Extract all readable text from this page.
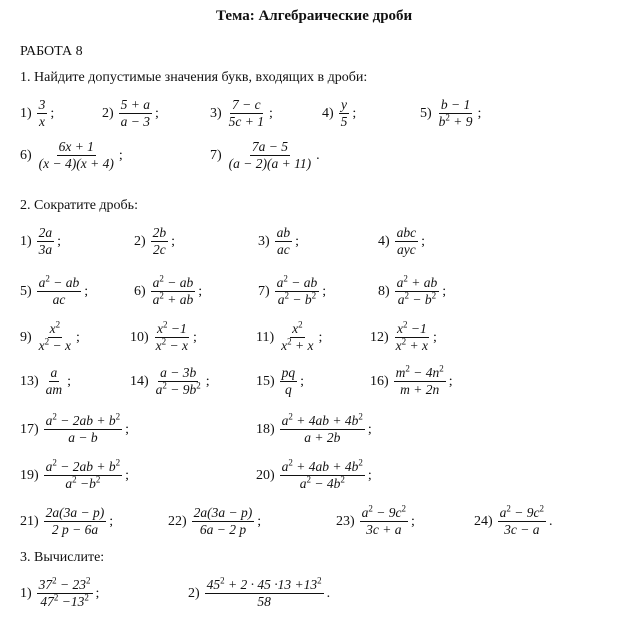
Тема: Алгебраические дроби
РАБОТА 8
1. Найдите допустимые значения букв, входящих в дроби:
$1) \frac{3}{x}$ ;	$2) \frac{5 + a}{a - 3}$ ;	$3) \frac{7 - c}{5c + 1}$ ;	$4) \frac{y}{5}$ ;	$5) \frac{b - 1}{b^2 + 9}$ ;
$6) \frac{6x + 1}{(x - 4)(x + 4)}$ ;	$7) \frac{7a - 5}{(a - 2)(a + 11)}$ .
2. Сократите дробь:
$1) \frac{2a}{3a}$ ;	$2) \frac{2b}{2c}$ ;	$3) \frac{ab}{ac}$ ;	$4) \frac{\text{abc}}{\text{ayc}}$ ;
$5) \frac{a^2 - ab}{ac}$ ;	$6) \frac{a^2 - ab}{a^2 + ab}$ ;	$7) \frac{a^2 - ab}{a^2 - b^2}$ ;	$8) \frac{a^2 + ab}{a^2 - b^2}$ ;
$9) \frac{x^2}{x^2 - x}$ ;	$10) \frac{x^2 -1}{x^2 - x}$ ;	$11) \frac{x^2}{x^2 + x}$ ;	$12) \frac{x^2 -1}{x^2 + x}$ ;
$13) \frac{a}{am}$ ;	$14) \frac{a - 3b}{a^2 - 9b^2}$ ;	$15) \frac{pq}{q}$ ;	$16) \frac{m^2 - 4n^2}{m + 2n}$ ;
$17) \frac{a^2 - 2ab + b^2}{a - b}$ ;	$18) \frac{a^2 + 4ab + 4b^2}{a + 2b}$ ;
$19) \frac{a^2 - 2ab + b^2}{a^2 -b^2}$ ;	$20) \frac{a^2 + 4ab + 4b^2}{a^2 - 4b^2}$ ;
$21) \frac{2a(3a - p)}{2 p - 6a}$ ;	$22) \frac{2a(3a - p)}{6a - 2 p}$ ;	$23) \frac{a^2 - 9c^2}{3c + a}$ ;	$24) \frac{a^2 - 9c^2}{3c - a}$ .
3. Вычислите:
$1) \frac{37^2 - 23^2}{47^2 -13^2}$ ;	$2) \frac{45^2 + 2 \cdot 45 \cdot 13 +13^2}{58}$ .
